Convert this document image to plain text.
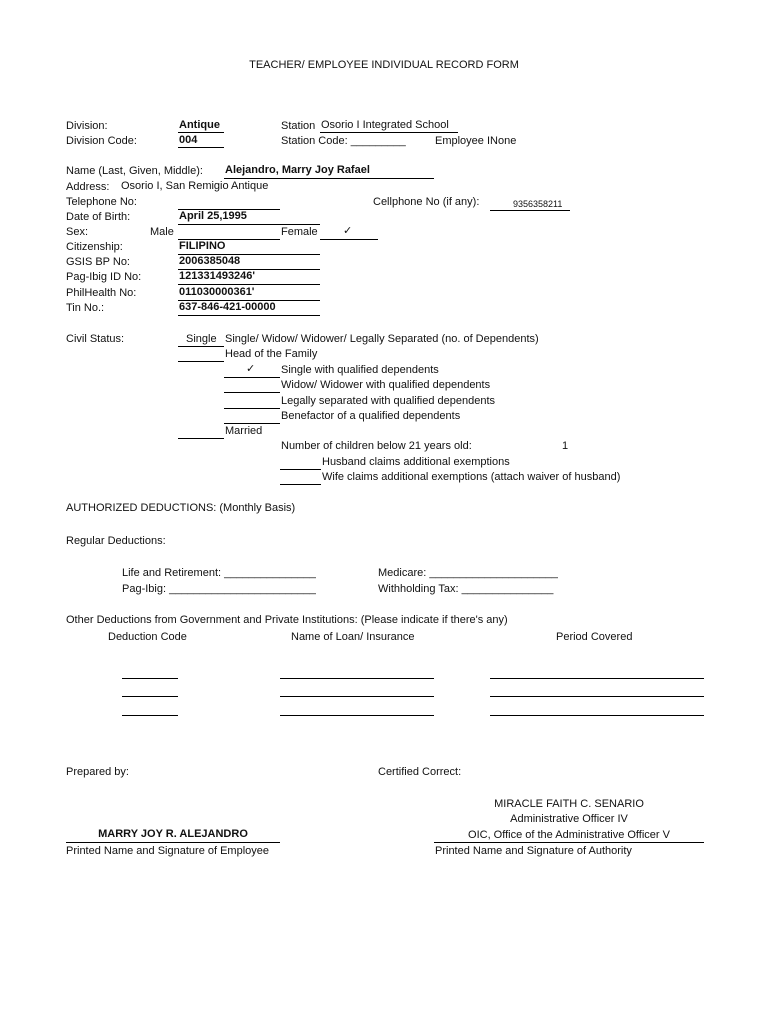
TEACHER/ EMPLOYEE INDIVIDUAL RECORD FORM
Division:	Antique
Division Code:	004
Station Osorio I Integrated School
Station Code: _________	Employee INone
Name (Last, Given, Middle): Alejandro, Marry Joy Rafael
Address: Osorio I, San Remigio Antique
Telephone No:	Cellphone No (if any):	9356358211
Date of Birth:	April 25,1995
Sex:	Male	Female ✓
Citizenship:	FILIPINO
GSIS BP No:	2006385048
Pag-Ibig ID No:	121331493246'
PhilHealth No:	011030000361'
Tin No.:	637-846-421-00000
Civil Status:	Single Single/ Widow/ Widower/ Legally Separated (no. of Dependents)
Head of the Family
✓ Single with qualified dependents
Widow/ Widower with qualified dependents
Legally separated with qualified dependents
Benefactor of a qualified dependents
Married
Number of children below 21 years old:	1
Husband claims additional exemptions
Wife claims additional exemptions (attach waiver of husband)
AUTHORIZED DEDUCTIONS: (Monthly Basis)
Regular Deductions:
Life and Retirement: _______________
Pag-Ibig: ________________________
Medicare: _____________________
Withholding Tax: _______________
Other Deductions from Government and Private Institutions: (Please indicate if there's any)
Deduction Code	Name of Loan/ Insurance	Period Covered
Prepared by:	Certified Correct:
MIRACLE FAITH C. SENARIO
Administrative Officer IV
OIC, Office of the Administrative Officer V
Printed Name and Signature of Authority
MARRY JOY R. ALEJANDRO
Printed Name and Signature of Employee
